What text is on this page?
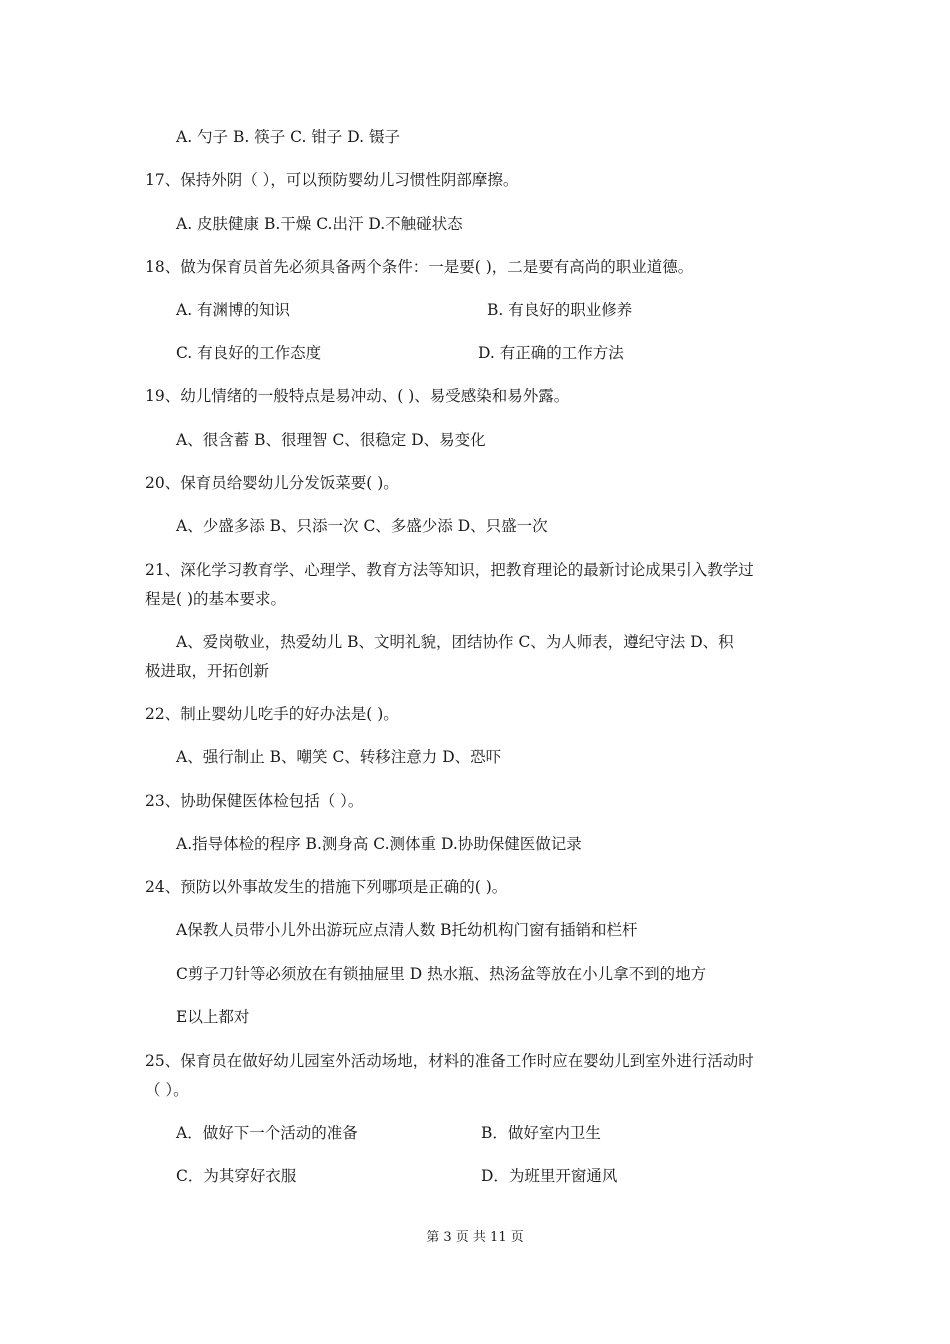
A. 勺子 B. 筷子 C. 钳子 D. 镊子
17、保持外阴（ ），可以预防婴幼儿习惯性阴部摩擦。
A. 皮肤健康 B.干燥 C.出汗 D.不触碰状态
18、做为保育员首先必须具备两个条件：一是要( )，二是要有高尚的职业道德。
A. 有渊博的知识	B. 有良好的职业修养
C. 有良好的工作态度	D. 有正确的工作方法
19、幼儿情绪的一般特点是易冲动、( )、易受感染和易外露。
A、很含蓄 B、很理智 C、很稳定 D、易变化
20、保育员给婴幼儿分发饭菜要( )。
A、少盛多添 B、只添一次 C、多盛少添 D、只盛一次
21、深化学习教育学、心理学、教育方法等知识，把教育理论的最新讨论成果引入教学过
程是( )的基本要求。
A、爱岗敬业，热爱幼儿 B、文明礼貌，团结协作 C、为人师表，遵纪守法 D、积
极进取，开拓创新
22、制止婴幼儿吃手的好办法是( )。
A、强行制止 B、嘲笑 C、转移注意力 D、恐吓
23、协助保健医体检包括（ ）。
A.指导体检的程序 B.测身高 C.测体重 D.协助保健医做记录
24、预防以外事故发生的措施下列哪项是正确的( )。
A保教人员带小儿外出游玩应点清人数 B托幼机构门窗有插销和栏杆
C剪子刀针等必须放在有锁抽屉里 D 热水瓶、热汤盆等放在小儿拿不到的地方
E以上都对
25、保育员在做好幼儿园室外活动场地，材料的准备工作时应在婴幼儿到室外进行活动时
（ ）。
A．做好下一个活动的准备	B．做好室内卫生
C．为其穿好衣服	D．为班里开窗通风
第 3 页 共 11 页
